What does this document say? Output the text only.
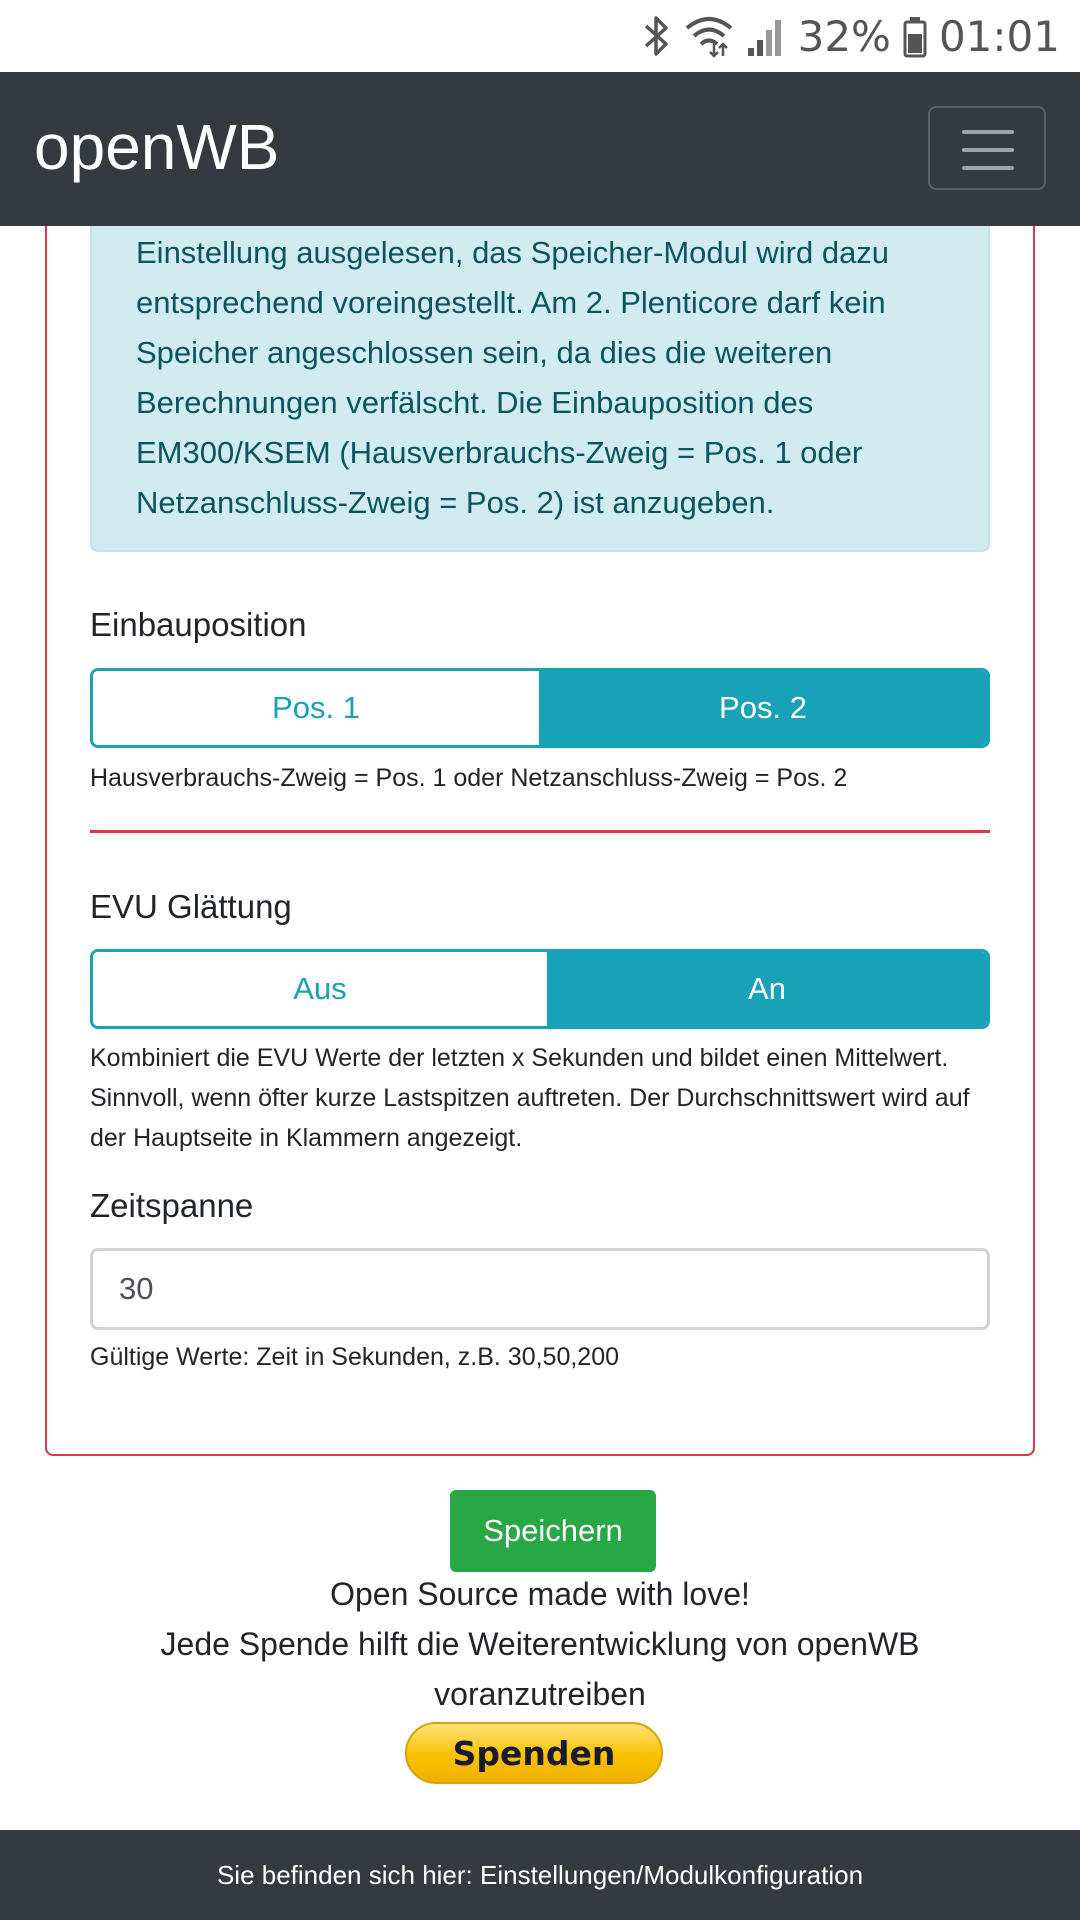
32% 01:01
openWB

Einstellung ausgelesen, das Speicher-Modul wird dazu entsprechend voreingestellt. Am 2. Plenticore darf kein Speicher angeschlossen sein, da dies die weiteren Berechnungen verfälscht. Die Einbauposition des EM300/KSEM (Hausverbrauchs-Zweig = Pos. 1 oder Netzanschluss-Zweig = Pos. 2) ist anzugeben.

Einbauposition
Pos. 1	Pos. 2
Hausverbrauchs-Zweig = Pos. 1 oder Netzanschluss-Zweig = Pos. 2
EVU Glättung
Aus	An
Kombiniert die EVU Werte der letzten x Sekunden und bildet einen Mittelwert. Sinnvoll, wenn öfter kurze Lastspitzen auftreten. Der Durchschnittswert wird auf der Hauptseite in Klammern angezeigt.
Zeitspanne
30
Gültige Werte: Zeit in Sekunden, z.B. 30,50,200
Speichern
Open Source made with love!
Jede Spende hilft die Weiterentwicklung von openWB
voranzutreiben
Spenden
Sie befinden sich hier: Einstellungen/Modulkonfiguration
